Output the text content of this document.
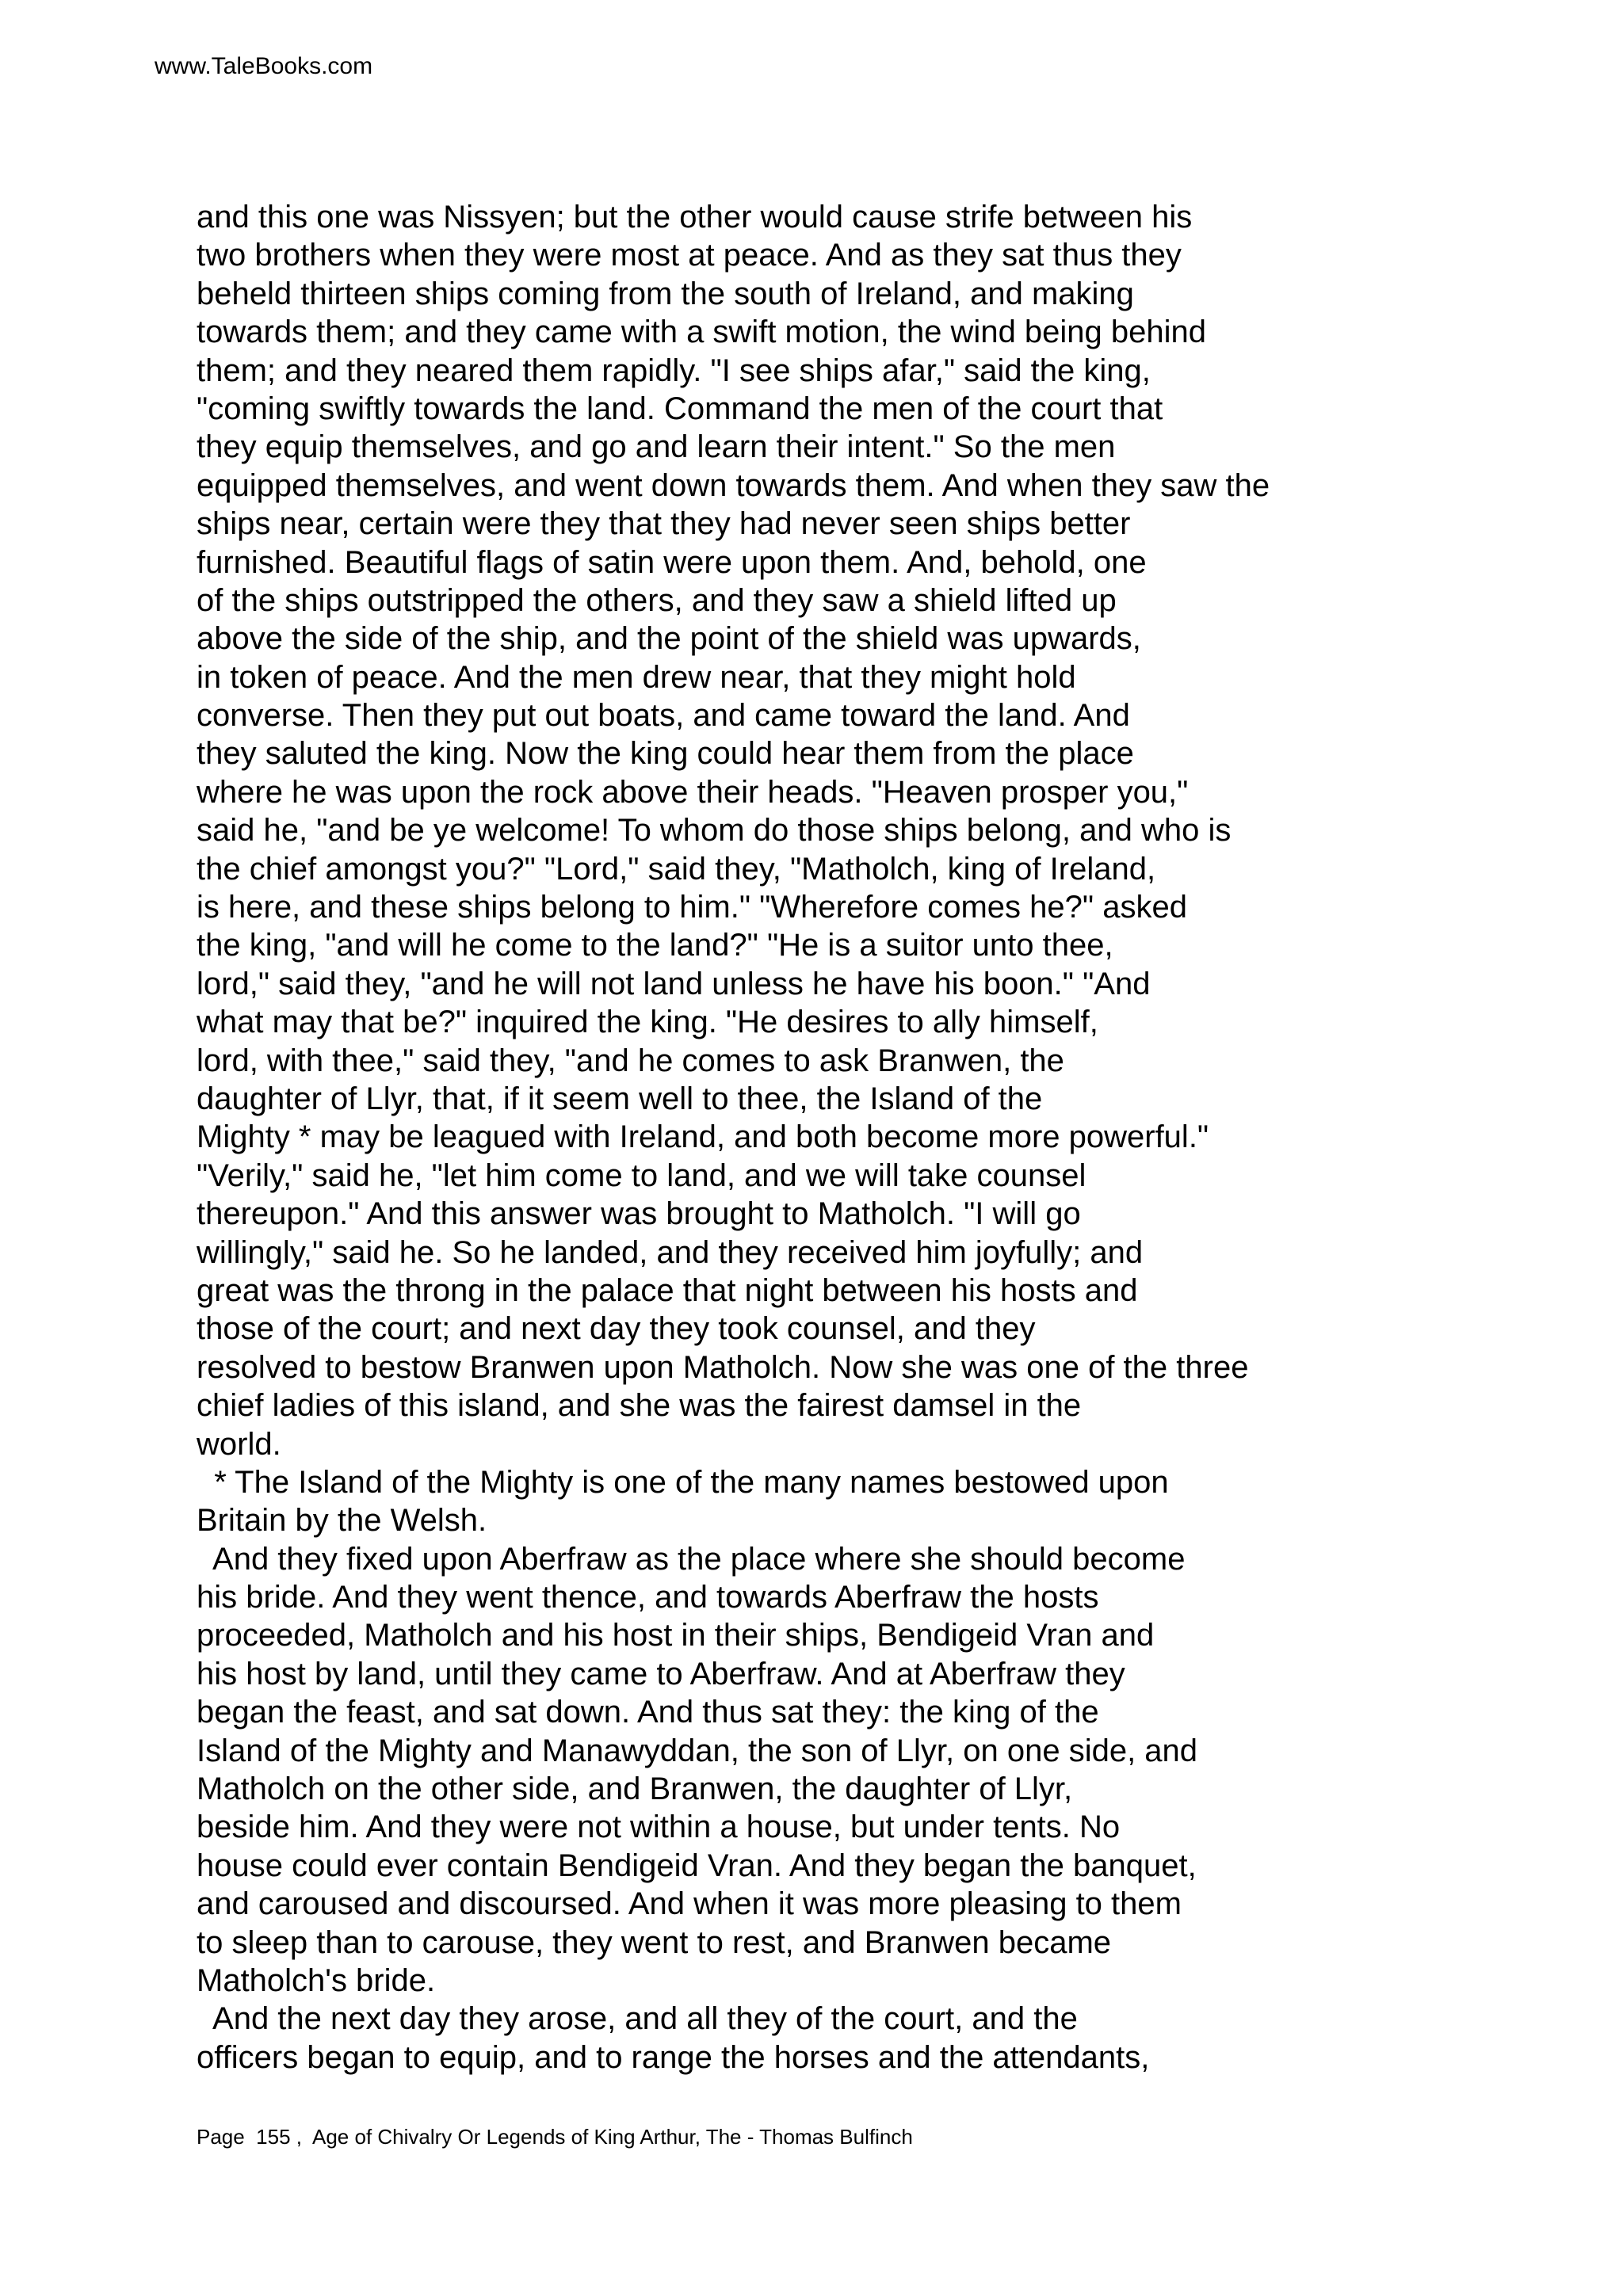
www.TaleBooks.com
and this one was Nissyen; but the other would cause strife between his
two brothers when they were most at peace. And as they sat thus they
beheld thirteen ships coming from the south of Ireland, and making
towards them; and they came with a swift motion, the wind being behind
them; and they neared them rapidly. "I see ships afar," said the king,
"coming swiftly towards the land. Command the men of the court that
they equip themselves, and go and learn their intent." So the men
equipped themselves, and went down towards them. And when they saw the
ships near, certain were they that they had never seen ships better
furnished. Beautiful flags of satin were upon them. And, behold, one
of the ships outstripped the others, and they saw a shield lifted up
above the side of the ship, and the point of the shield was upwards,
in token of peace. And the men drew near, that they might hold
converse. Then they put out boats, and came toward the land. And
they saluted the king. Now the king could hear them from the place
where he was upon the rock above their heads. "Heaven prosper you,"
said he, "and be ye welcome! To whom do those ships belong, and who is
the chief amongst you?" "Lord," said they, "Matholch, king of Ireland,
is here, and these ships belong to him." "Wherefore comes he?" asked
the king, "and will he come to the land?" "He is a suitor unto thee,
lord," said they, "and he will not land unless he have his boon." "And
what may that be?" inquired the king. "He desires to ally himself,
lord, with thee," said they, "and he comes to ask Branwen, the
daughter of Llyr, that, if it seem well to thee, the Island of the
Mighty * may be leagued with Ireland, and both become more powerful."
"Verily," said he, "let him come to land, and we will take counsel
thereupon." And this answer was brought to Matholch. "I will go
willingly," said he. So he landed, and they received him joyfully; and
great was the throng in the palace that night between his hosts and
those of the court; and next day they took counsel, and they
resolved to bestow Branwen upon Matholch. Now she was one of the three
chief ladies of this island, and she was the fairest damsel in the
world.
* The Island of the Mighty is one of the many names bestowed upon
Britain by the Welsh.
And they fixed upon Aberfraw as the place where she should become
his bride. And they went thence, and towards Aberfraw the hosts
proceeded, Matholch and his host in their ships, Bendigeid Vran and
his host by land, until they came to Aberfraw. And at Aberfraw they
began the feast, and sat down. And thus sat they: the king of the
Island of the Mighty and Manawyddan, the son of Llyr, on one side, and
Matholch on the other side, and Branwen, the daughter of Llyr,
beside him. And they were not within a house, but under tents. No
house could ever contain Bendigeid Vran. And they began the banquet,
and caroused and discoursed. And when it was more pleasing to them
to sleep than to carouse, they went to rest, and Branwen became
Matholch's bride.
And the next day they arose, and all they of the court, and the
officers began to equip, and to range the horses and the attendants,
Page  155 ,  Age of Chivalry Or Legends of King Arthur, The - Thomas Bulfinch
